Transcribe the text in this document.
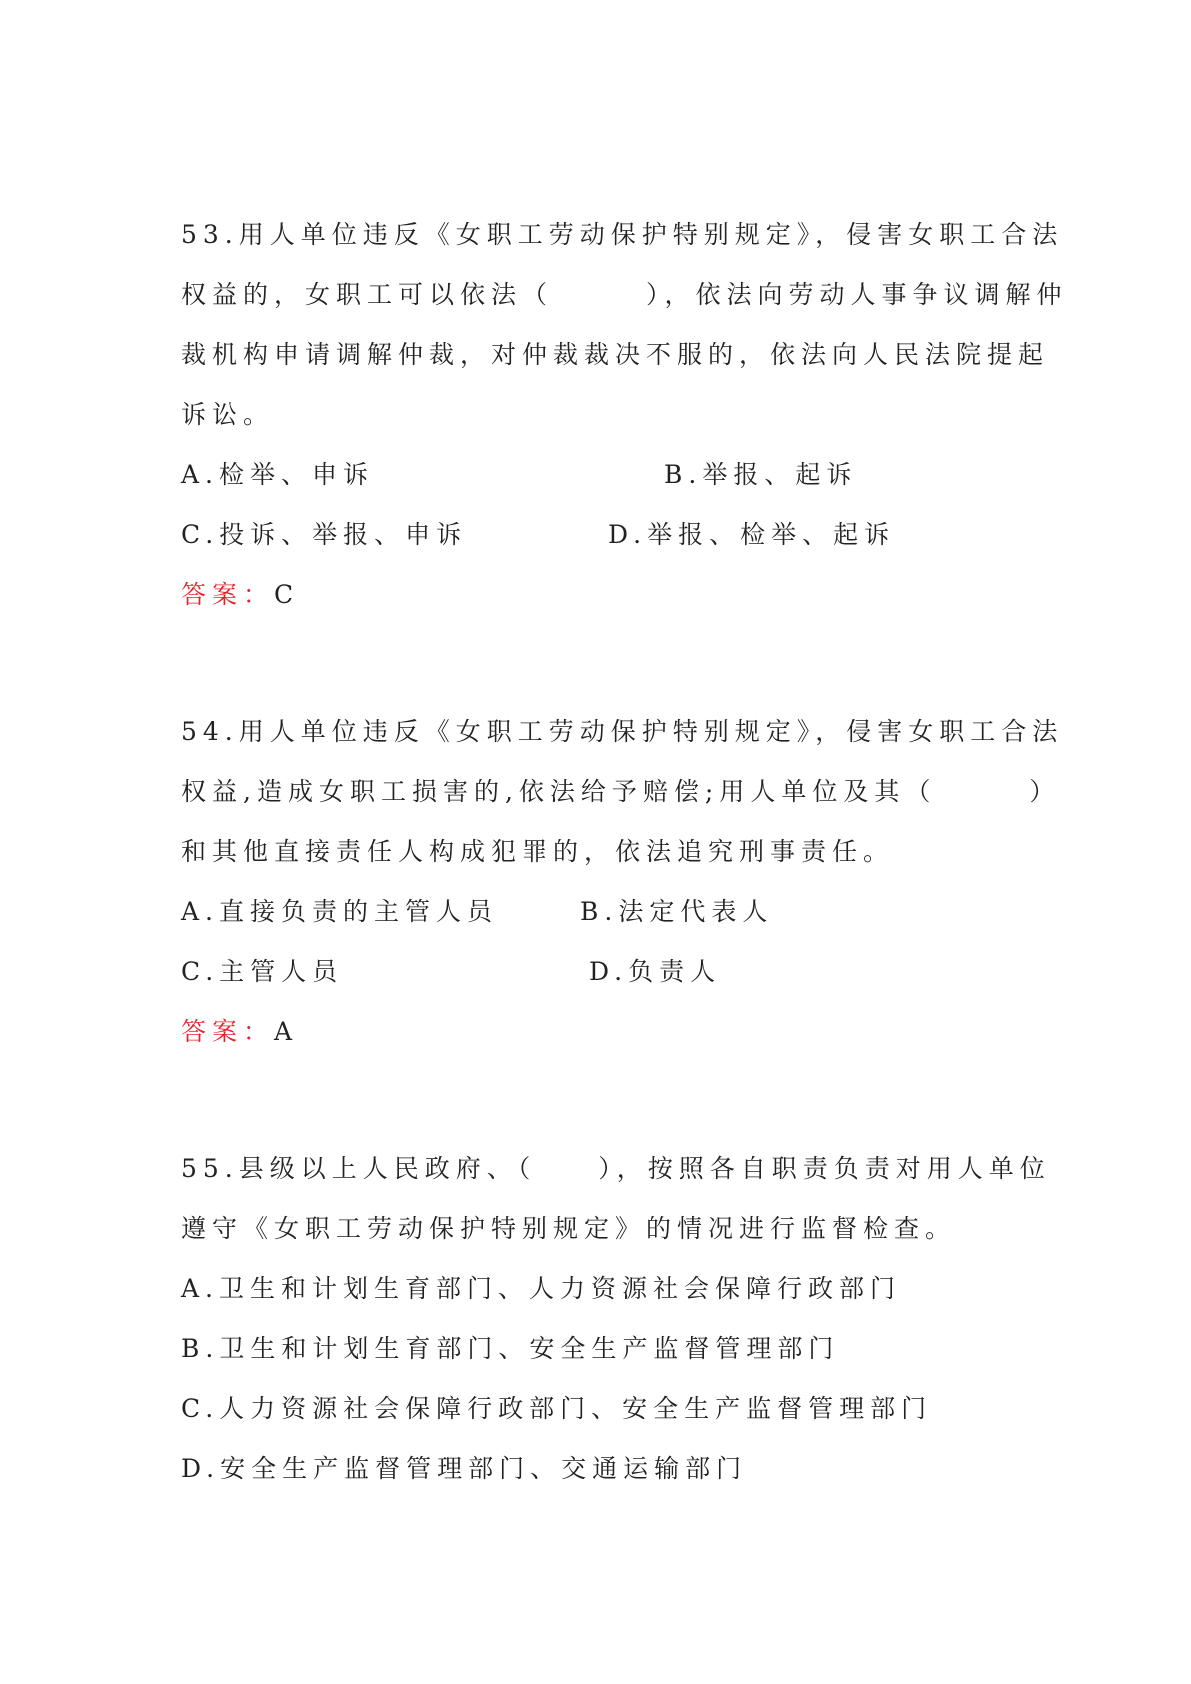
53.用人单位违反《女职工劳动保护特别规定》，侵害女职工合法
权益的，女职工可以依法（　　　），依法向劳动人事争议调解仲
裁机构申请调解仲裁，对仲裁裁决不服的，依法向人民法院提起
诉讼。
A.检举、申诉	B.举报、起诉
C.投诉、举报、申诉	D.举报、检举、起诉
答案：C
54.用人单位违反《女职工劳动保护特别规定》，侵害女职工合法
权益,造成女职工损害的,依法给予赔偿;用人单位及其（　　　）
和其他直接责任人构成犯罪的，依法追究刑事责任。
A.直接负责的主管人员	B.法定代表人
C.主管人员	D.负责人
答案：A
55.县级以上人民政府、（　　），按照各自职责负责对用人单位
遵守《女职工劳动保护特别规定》的情况进行监督检查。
A.卫生和计划生育部门、人力资源社会保障行政部门
B.卫生和计划生育部门、安全生产监督管理部门
C.人力资源社会保障行政部门、安全生产监督管理部门
D.安全生产监督管理部门、交通运输部门
